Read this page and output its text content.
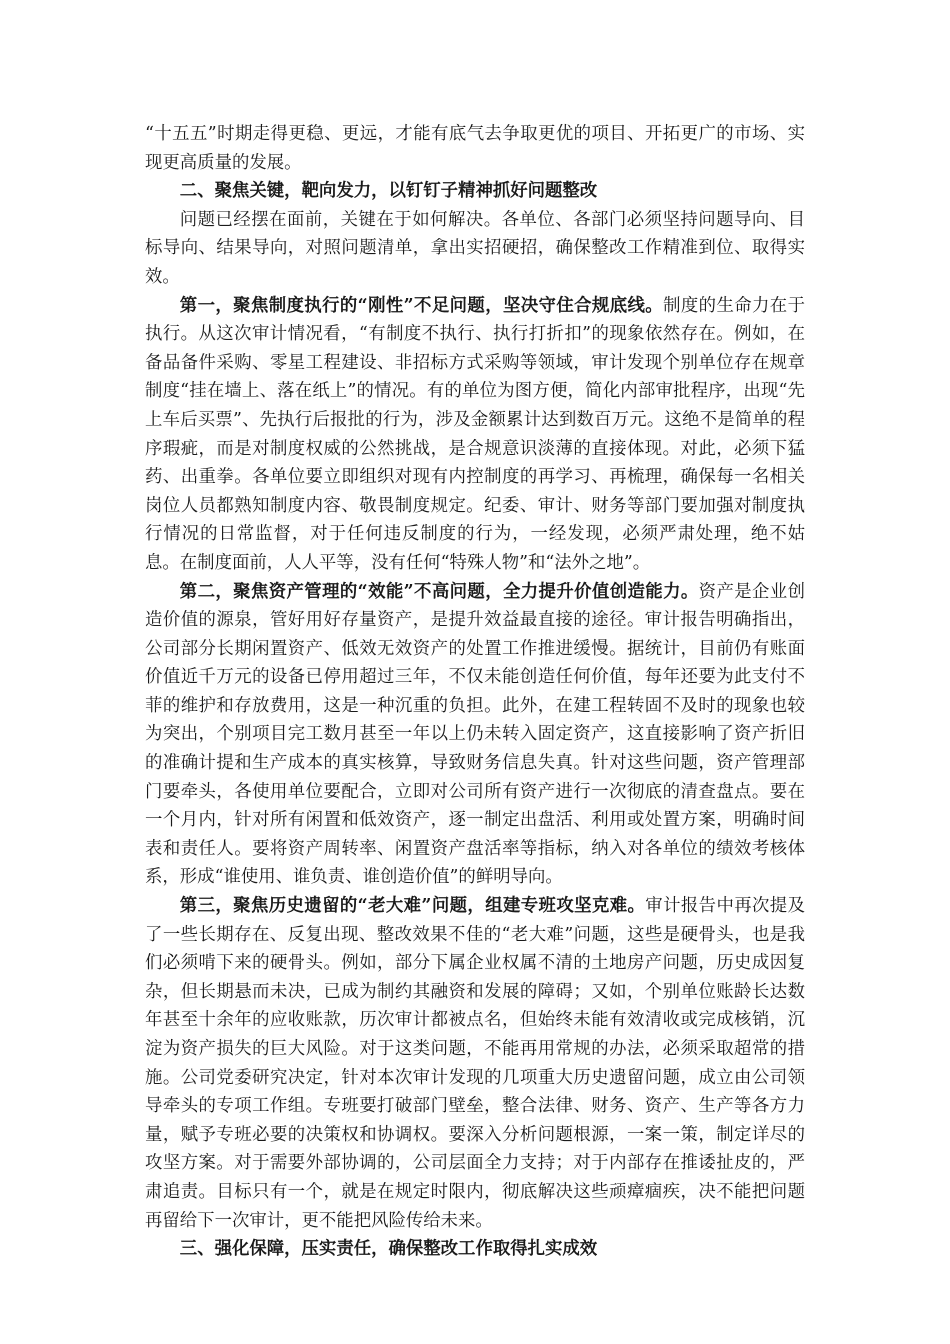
“十五五”时期走得更稳、更远，才能有底气去争取更优的项目、开拓更广的市场、实现更高质量的发展。

二、聚焦关键，靶向发力，以钉钉子精神抓好问题整改

问题已经摆在面前，关键在于如何解决。各单位、各部门必须坚持问题导向、目标导向、结果导向，对照问题清单，拿出实招硬招，确保整改工作精准到位、取得实效。

第一，聚焦制度执行的“刚性”不足问题，坚决守住合规底线。制度的生命力在于执行。从这次审计情况看，“有制度不执行、执行打折扣”的现象依然存在。例如，在备品备件采购、零星工程建设、非招标方式采购等领域，审计发现个别单位存在规章制度“挂在墙上、落在纸上”的情况。有的单位为图方便，简化内部审批程序，出现“先上车后买票”、先执行后报批的行为，涉及金额累计达到数百万元。这绝不是简单的程序瑕疵，而是对制度权威的公然挑战，是合规意识淡薄的直接体现。对此，必须下猛药、出重拳。各单位要立即组织对现有内控制度的再学习、再梳理，确保每一名相关岗位人员都熟知制度内容、敬畏制度规定。纪委、审计、财务等部门要加强对制度执行情况的日常监督，对于任何违反制度的行为，一经发现，必须严肃处理，绝不姑息。在制度面前，人人平等，没有任何“特殊人物”和“法外之地”。

第二，聚焦资产管理的“效能”不高问题，全力提升价值创造能力。资产是企业创造价值的源泉，管好用好存量资产，是提升效益最直接的途径。审计报告明确指出，公司部分长期闲置资产、低效无效资产的处置工作推进缓慢。据统计，目前仍有账面价值近千万元的设备已停用超过三年，不仅未能创造任何价值，每年还要为此支付不菲的维护和存放费用，这是一种沉重的负担。此外，在建工程转固不及时的现象也较为突出，个别项目完工数月甚至一年以上仍未转入固定资产，这直接影响了资产折旧的准确计提和生产成本的真实核算，导致财务信息失真。针对这些问题，资产管理部门要牵头，各使用单位要配合，立即对公司所有资产进行一次彻底的清查盘点。要在一个月内，针对所有闲置和低效资产，逐一制定出盘活、利用或处置方案，明确时间表和责任人。要将资产周转率、闲置资产盘活率等指标，纳入对各单位的绩效考核体系，形成“谁使用、谁负责、谁创造价值”的鲜明导向。

第三，聚焦历史遗留的“老大难”问题，组建专班攻坚克难。审计报告中再次提及了一些长期存在、反复出现、整改效果不佳的“老大难”问题，这些是硬骨头，也是我们必须啃下来的硬骨头。例如，部分下属企业权属不清的土地房产问题，历史成因复杂，但长期悬而未决，已成为制约其融资和发展的障碍；又如，个别单位账龄长达数年甚至十余年的应收账款，历次审计都被点名，但始终未能有效清收或完成核销，沉淀为资产损失的巨大风险。对于这类问题，不能再用常规的办法，必须采取超常的措施。公司党委研究决定，针对本次审计发现的几项重大历史遗留问题，成立由公司领导牵头的专项工作组。专班要打破部门壁垒，整合法律、财务、资产、生产等各方力量，赋予专班必要的决策权和协调权。要深入分析问题根源，一案一策，制定详尽的攻坚方案。对于需要外部协调的，公司层面全力支持；对于内部存在推诿扯皮的，严肃追责。目标只有一个，就是在规定时限内，彻底解决这些顽瘴痼疾，决不能把问题再留给下一次审计，更不能把风险传给未来。

三、强化保障，压实责任，确保整改工作取得扎实成效
